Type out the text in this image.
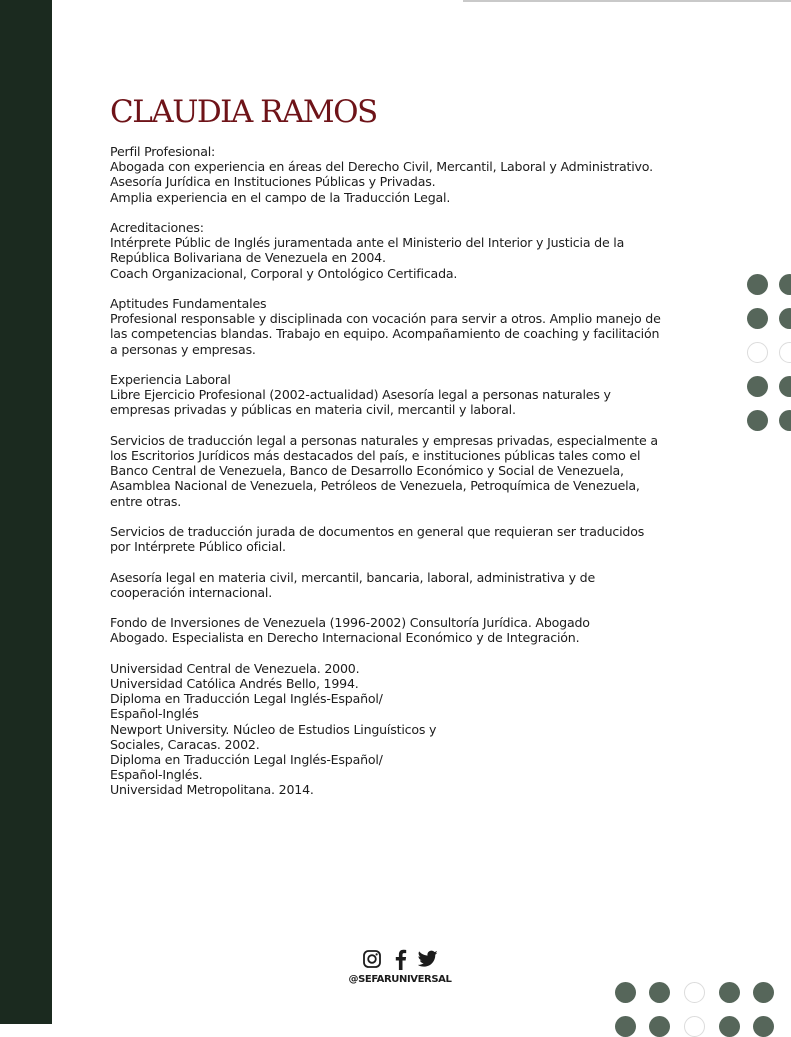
CLAUDIA RAMOS

Perfil Profesional:
Abogada con experiencia en áreas del Derecho Civil, Mercantil, Laboral y Administrativo.
Asesoría Jurídica en Instituciones Públicas y Privadas.
Amplia experiencia en el campo de la Traducción Legal.

Acreditaciones:
Intérprete Públic de Inglés juramentada ante el Ministerio del Interior y Justicia de la
República Bolivariana de Venezuela en 2004.
Coach Organizacional, Corporal y Ontológico Certificada.

Aptitudes Fundamentales
Profesional responsable y disciplinada con vocación para servir a otros. Amplio manejo de
las competencias blandas. Trabajo en equipo. Acompañamiento de coaching y facilitación
a personas y empresas.

Experiencia Laboral
Libre Ejercicio Profesional (2002-actualidad) Asesoría legal a personas naturales y
empresas privadas y públicas en materia civil, mercantil y laboral.

Servicios de traducción legal a personas naturales y empresas privadas, especialmente a
los Escritorios Jurídicos más destacados del país, e instituciones públicas tales como el
Banco Central de Venezuela, Banco de Desarrollo Económico y Social de Venezuela,
Asamblea Nacional de Venezuela, Petróleos de Venezuela, Petroquímica de Venezuela,
entre otras.

Servicios de traducción jurada de documentos en general que requieran ser traducidos
por Intérprete Público oficial.

Asesoría legal en materia civil, mercantil, bancaria, laboral, administrativa y de
cooperación internacional.

Fondo de Inversiones de Venezuela (1996-2002) Consultoría Jurídica. Abogado
Abogado. Especialista en Derecho Internacional Económico y de Integración.

Universidad Central de Venezuela. 2000.
Universidad Católica Andrés Bello, 1994.
Diploma en Traducción Legal Inglés-Español/
Español-Inglés
Newport University. Núcleo de Estudios Linguísticos y
Sociales, Caracas. 2002.
Diploma en Traducción Legal Inglés-Español/
Español-Inglés.
Universidad Metropolitana. 2014.

@SEFARUNIVERSAL
